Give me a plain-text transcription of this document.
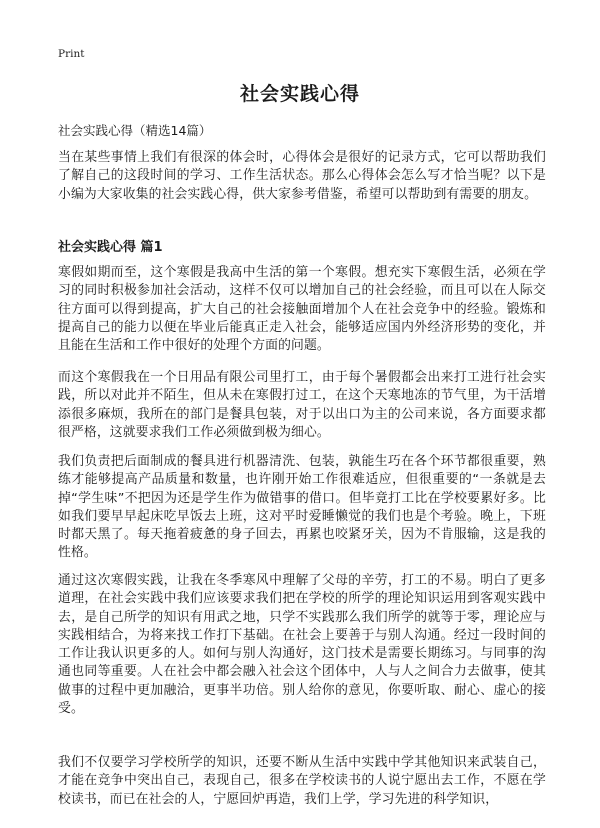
Print
社会实践心得

社会实践心得（精选14篇）

当在某些事情上我们有很深的体会时，心得体会是很好的记录方式，它可以帮助我们了解自己的这段时间的学习、工作生活状态。那么心得体会怎么写才恰当呢？以下是小编为大家收集的社会实践心得，供大家参考借鉴，希望可以帮助到有需要的朋友。

社会实践心得 篇1

寒假如期而至，这个寒假是我高中生活的第一个寒假。想充实下寒假生活，必须在学习的同时积极参加社会活动，这样不仅可以增加自己的社会经验，而且可以在人际交往方面可以得到提高，扩大自己的社会接触面增加个人在社会竞争中的经验。锻炼和提高自己的能力以便在毕业后能真正走入社会，能够适应国内外经济形势的变化，并且能在生活和工作中很好的处理个方面的问题。

而这个寒假我在一个日用品有限公司里打工，由于每个暑假都会出来打工进行社会实践，所以对此并不陌生，但从未在寒假打过工，在这个天寒地冻的节气里，为干活增添很多麻烦，我所在的部门是餐具包装，对于以出口为主的公司来说，各方面要求都很严格，这就要求我们工作必须做到极为细心。

我们负责把后面制成的餐具进行机器清洗、包装，孰能生巧在各个环节都很重要，熟练才能够提高产品质量和数量，也许刚开始工作很难适应，但很重要的“一条就是去掉“学生味”不把因为还是学生作为做错事的借口。但毕竟打工比在学校要累好多。比如我们要早早起床吃早饭去上班，这对平时爱睡懒觉的我们也是个考验。晚上，下班时都天黑了。每天拖着疲惫的身子回去，再累也咬紧牙关，因为不肯服输，这是我的性格。

通过这次寒假实践，让我在冬季寒风中理解了父母的辛劳，打工的不易。明白了更多道理，在社会实践中我们应该要求我们把在学校的所学的理论知识运用到客观实践中去，是自己所学的知识有用武之地，只学不实践那么我们所学的就等于零，理论应与实践相结合，为将来找工作打下基础。在社会上要善于与别人沟通。经过一段时间的工作让我认识更多的人。如何与别人沟通好，这门技术是需要长期练习。与同事的沟通也同等重要。人在社会中都会融入社会这个团体中，人与人之间合力去做事，使其做事的过程中更加融洽，更事半功倍。别人给你的意见，你要听取、耐心、虚心的接受。

我们不仅要学习学校所学的知识，还要不断从生活中实践中学其他知识来武装自己，才能在竞争中突出自己，表现自己，很多在学校读书的人说宁愿出去工作，不愿在学校读书，而已在社会的人，宁愿回炉再造，我们上学，学习先进的科学知识，
